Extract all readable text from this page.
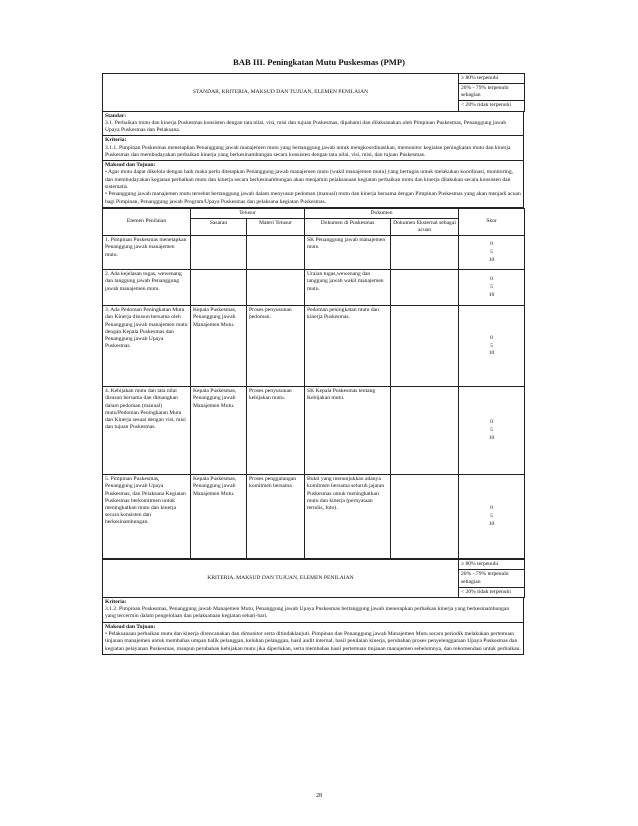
BAB III. Peningkatan Mutu Puskesmas (PMP)
STANDAR, KRITERIA, MAKSUD DAN TUJUAN, ELEMEN PENILAIAN	
≥ 80% terpenuhi
20% - 79% terpenuhi sebagian
< 20% tidak terpenuhi
Standar:
3.1. Perbaikan mutu dan kinerja Puskesmas konsisten dengan tata nilai, visi, misi dan tujuan Puskesmas, dipahami dan dilaksanakan oleh Pimpinan Puskesmas, Penanggung jawab Upaya Puskesmas dan Pelaksana.
Kriteria:
3.1.1. Pimpinan Puskesmas menetapkan Penanggung jawab manajemen mutu yang bertanggung jawab untuk mengkoordinasikan, memonitor kegiatan peningkatan mutu dan kinerja Puskesmas dan membudayakan perbaikan kinerja yang berkesinambungan secara konsisten dengan tata nilai, visi, misi, dan tujuan Puskesmas.
Maksud dan Tujuan:
• Agar mutu dapat dikelola dengan baik maka perlu ditetapkan Penanggung jawab manajemen mutu (wakil manajemen mutu) yang bertugas untuk melakukan koordinasi, monitoring, dan membudayakan kegiatan perbaikan mutu dan kinerja secara berkesinambungan akan menjamin pelaksanaan kegiatan perbaikan mutu dan kinerja dilakukan secara konsisten dan sistematis.
• Penanggung jawab manajemen mutu tersebut bertanggung jawab dalam menyusun pedoman (manual) mutu dan kinerja bersama dengan Pimpinan Puskesmas yang akan menjadi acuan bagi Pimpinan, Penanggung jawab Program/Upaya Puskesmas dan pelaksana kegiatan Puskesmas.
Elemen Penilaian	Telusur		Dokumen		Skor
	Sasaran	Materi Telusur	Dokumen di Puskesmas	Dokumen Eksternal sebagai acuan	
1. Pimpinan Puskesmas menetapkan Penanggung jawab manajemen mutu.			SK Penanggung jawab manajemen mutu		0
5
10

2. Ada kejelasan tugas, wewenang dan tanggung jawab Penanggung jawab manajemen mutu.			Uraian tugas,wewenang dan tanggung jawab wakil manajemen mutu.		0
5
10

3. Ada Pedoman Peningkatan Mutu dan Kinerja disusun bersama oleh Penanggung jawab manajemen mutu dengan Kepala Puskesmas dan Penanggung jawab Upaya Puskesmas.	Kepala Puskesmas, Penanggung jawab Manajemen Mutu.	Proses penyusunan pedoman.	Pedoman peningkatan mutu dan kinerja Puskesmas.		0
5
10

4. Kebijakan mutu dan tata nilai disusun bersama dan dituangkan dalam pedoman (manual) mutu/Pedoman Peningkatan Mutu dan Kinerja sesuai dengan visi, misi dan tujuan Puskesmas.	Kepala Puskesmas, Penanggung jawab Manajemen Mutu.	Proses penyusunan kebijakan mutu.	SK Kepala Puskesmas tentang Kebijakan mutu.		0
5
10

5. Pimpinan Puskesmas, Penanggung jawab Upaya Puskesmas, dan Pelaksana Kegiatan Puskesmas berkomitmen untuk meningkatkan mutu dan kinerja secara konsisten dan berkesinambungan.	Kepala Puskesmas, Penanggung jawab Manajemen Mutu.	Proses penggalangan komitmen bersama	Bukti yang menunjukkan adanya komitmen bersama seluruh jajaran Puskesmas untuk meningkatkan mutu dan kinerja (pernyataan tertulis, foto).		0
5
10
KRITERIA, MAKSUD DAN TUJUAN, ELEMEN PENILAIAN	
≥ 80% terpenuhi
20% - 79% terpenuhi sebagian
< 20% tidak terpenuhi
Kriteria:
3.1.2. Pimpinan Puskesmas, Penanggung jawab Manajemen Mutu, Penanggung jawab Upaya Puskesmas bertanggung jawab menerapkan perbaikan kinerja yang berkesinambungan yang tercermin dalam pengelolaan dan pelaksanaan kegiatan sehari-hari.
Maksud dan Tujuan:
• Pelaksanaan perbaikan mutu dan kinerja direncanakan dan dimonitor serta ditindaklanjuti. Pimpinan dan Penanggung jawab Manajemen Mutu secara periodik melakukan pertemuan tinjauan manajemen untuk membahas umpan balik pelanggan, keluhan pelanggan, hasil audit internal, hasil penilaian kinerja, perubahan proses penyelenggaraan Upaya Puskesmas dan kegiatan pelayanan Puskesmas, maupun perubahan kebijakan mutu jika diperlukan, serta membahas hasil pertemuan tinjauan manajemen sebelumnya, dan rekomendasi untuk perbaikan.
28
